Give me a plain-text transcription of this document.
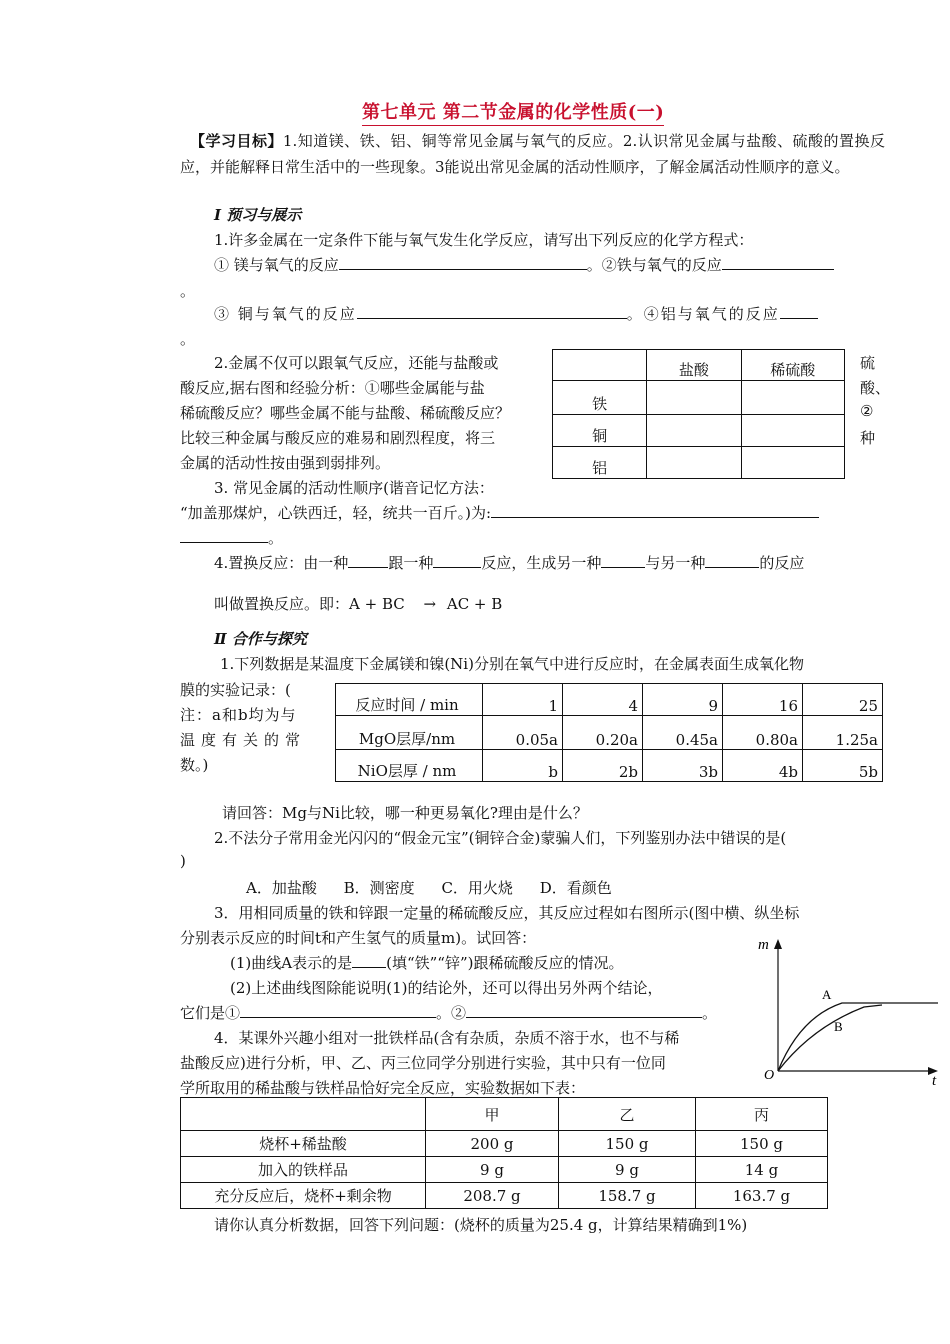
第七单元 第二节金属的化学性质(一)
【学习目标】1.知道镁、铁、铝、铜等常见金属与氧气的反应。2.认识常见金属与盐酸、硫酸的置换反应，并能解释日常生活中的一些现象。3能说出常见金属的活动性顺序，了解金属活动性顺序的意义。
Ⅰ 预习与展示
1.许多金属在一定条件下能与氧气发生化学反应，请写出下列反应的化学方程式：
① 镁与氧气的反应	。②铁与氧气的反应
。
③ 铜与氧气的反应	。④铝与氧气的反应
。
2.金属不仅可以跟氧气反应，还能与盐酸或
酸反应,据右图和经验分析：①哪些金属能与盐
稀硫酸反应？哪些金属不能与盐酸、稀硫酸反应？
比较三种金属与酸反应的难易和剧烈程度，将三
金属的活动性按由强到弱排列。
	盐酸	稀硫酸
铁		
铜		
铝		
硫
酸、
②
种
3. 常见金属的活动性顺序(谐音记忆方法：
“加盖那煤炉，心铁西迁，轻，统共一百斤。)为:
。
4.置换反应：由一种	跟一种	反应，生成另一种	与另一种	的反应
叫做置换反应。即：A + BC → AC + B
Ⅱ 合作与探究
1.下列数据是某温度下金属镁和镍(Ni)分别在氧气中进行反应时，在金属表面生成氧化物
膜的实验记录：(
注：a和b均为与
温度有关的常
数。)
反应时间 / min	1	4	9	16	25
MgO层厚/nm	0.05a	0.20a	0.45a	0.80a	1.25a
NiO层厚 / nm	b	2b	3b	4b	5b
请回答：Mg与Ni比较，哪一种更易氧化?理由是什么？
2.不法分子常用金光闪闪的“假金元宝”(铜锌合金)蒙骗人们，下列鉴别办法中错误的是(
)
A．加盐酸 B．测密度 C．用火烧 D．看颜色
3．用相同质量的铁和锌跟一定量的稀硫酸反应，其反应过程如右图所示(图中横、纵坐标
分别表示反应的时间t和产生氢气的质量m)。试回答：
(1)曲线A表示的是 (填“铁”“锌”)跟稀硫酸反应的情况。
(2)上述曲线图除能说明(1)的结论外，还可以得出另外两个结论，
它们是①	。②	。
m
t
O
A
B
4．某课外兴趣小组对一批铁样品(含有杂质，杂质不溶于水，也不与稀
盐酸反应)进行分析，甲、乙、丙三位同学分别进行实验，其中只有一位同
学所取用的稀盐酸与铁样品恰好完全反应，实验数据如下表：
	甲	乙	丙
烧杯+稀盐酸	200 g	150 g	150 g
加入的铁样品	9 g	9 g	14 g
充分反应后，烧杯+剩余物	208.7 g	158.7 g	163.7 g
请你认真分析数据，回答下列问题：(烧杯的质量为25.4 g，计算结果精确到1%)
